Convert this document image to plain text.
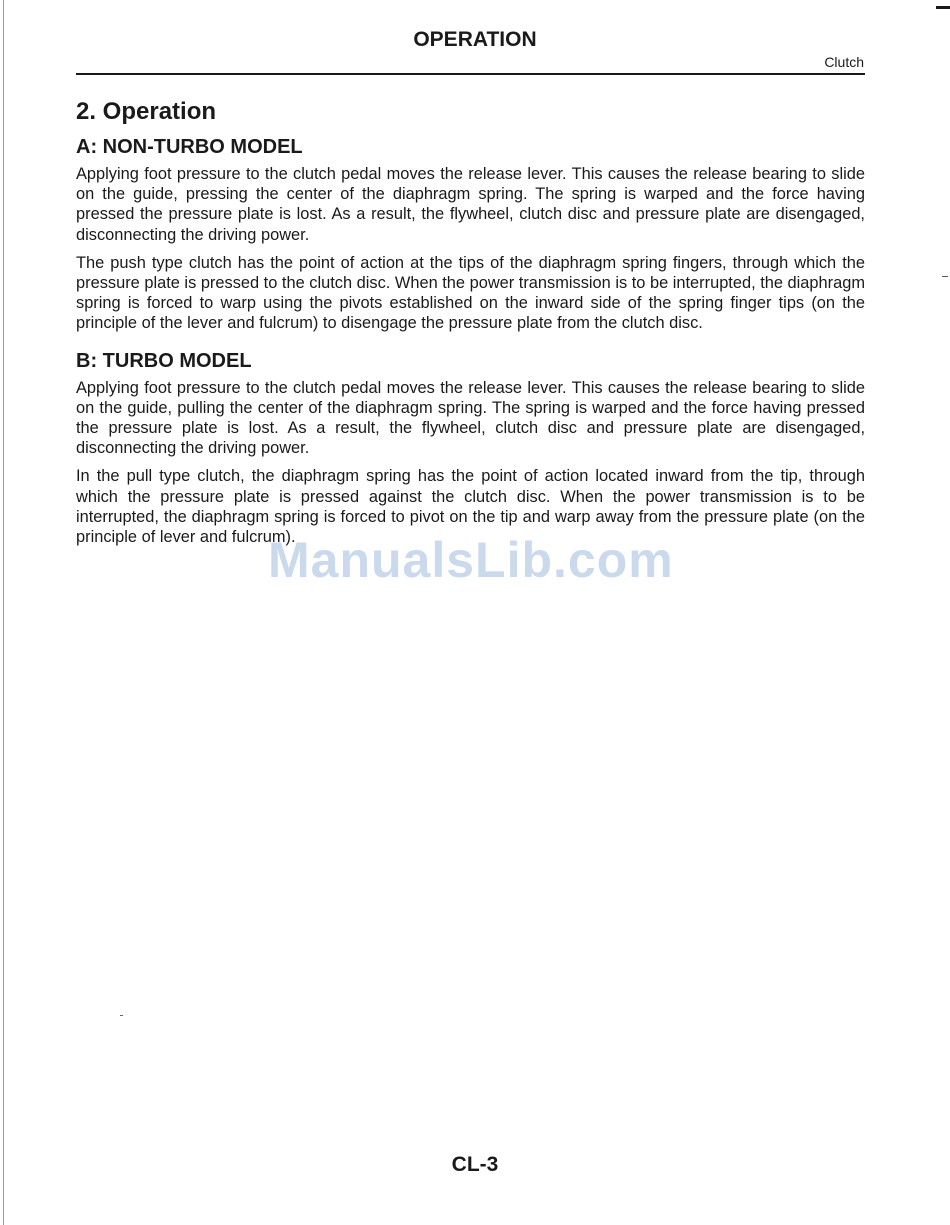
OPERATION
Clutch
2. Operation
A: NON-TURBO MODEL

Applying foot pressure to the clutch pedal moves the release lever. This causes the release bearing to slide on the guide, pressing the center of the diaphragm spring. The spring is warped and the force having pressed the pressure plate is lost. As a result, the flywheel, clutch disc and pressure plate are disengaged, disconnecting the driving power.

The push type clutch has the point of action at the tips of the diaphragm spring fingers, through which the pressure plate is pressed to the clutch disc. When the power transmission is to be interrupted, the diaphragm spring is forced to warp using the pivots established on the inward side of the spring finger tips (on the principle of the lever and fulcrum) to disengage the pressure plate from the clutch disc.

B: TURBO MODEL

Applying foot pressure to the clutch pedal moves the release lever. This causes the release bearing to slide on the guide, pulling the center of the diaphragm spring. The spring is warped and the force having pressed the pressure plate is lost. As a result, the flywheel, clutch disc and pressure plate are disengaged, disconnecting the driving power.

In the pull type clutch, the diaphragm spring has the point of action located inward from the tip, through which the pressure plate is pressed against the clutch disc. When the power transmission is to be interrupted, the diaphragm spring is forced to pivot on the tip and warp away from the pressure plate (on the principle of lever and fulcrum).

ManualsLib.com
CL-3
